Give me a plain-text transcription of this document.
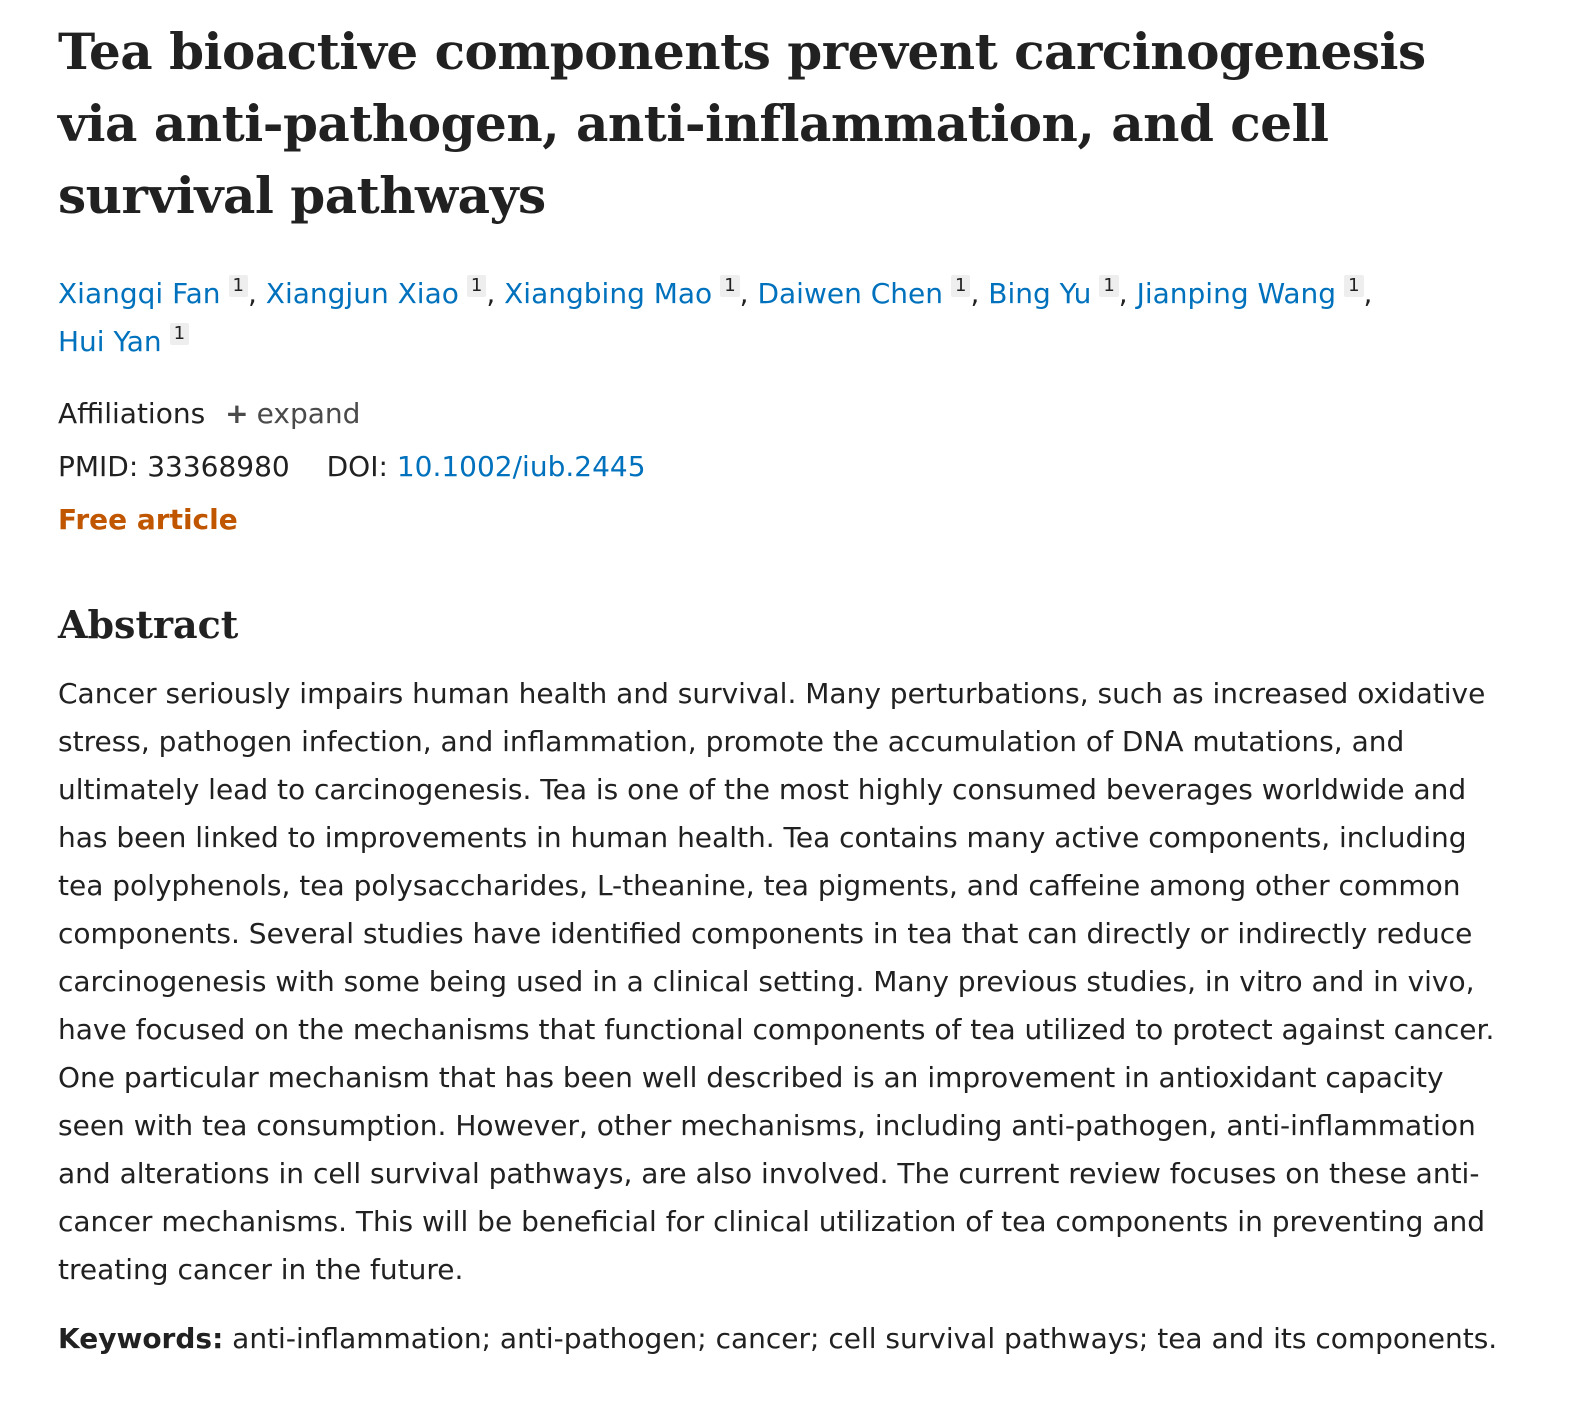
Tea bioactive components prevent carcinogenesis via anti-pathogen, anti-inflammation, and cell survival pathways
Xiangqi Fan 1 , Xiangjun Xiao 1 , Xiangbing Mao 1 , Daiwen Chen 1 , Bing Yu 1 , Jianping Wang 1 ,
Hui Yan 1
Affiliations + expand
PMID: 33368980 DOI: 10.1002/iub.2445
Free article
Abstract
Cancer seriously impairs human health and survival. Many perturbations, such as increased oxidative stress, pathogen infection, and inflammation, promote the accumulation of DNA mutations, and ultimately lead to carcinogenesis. Tea is one of the most highly consumed beverages worldwide and has been linked to improvements in human health. Tea contains many active components, including tea polyphenols, tea polysaccharides, L-theanine, tea pigments, and caffeine among other common components. Several studies have identified components in tea that can directly or indirectly reduce carcinogenesis with some being used in a clinical setting. Many previous studies, in vitro and in vivo, have focused on the mechanisms that functional components of tea utilized to protect against cancer. One particular mechanism that has been well described is an improvement in antioxidant capacity seen with tea consumption. However, other mechanisms, including anti-pathogen, anti-inflammation and alterations in cell survival pathways, are also involved. The current review focuses on these anti-cancer mechanisms. This will be beneficial for clinical utilization of tea components in preventing and treating cancer in the future.
Keywords: anti-inflammation; anti-pathogen; cancer; cell survival pathways; tea and its components.
